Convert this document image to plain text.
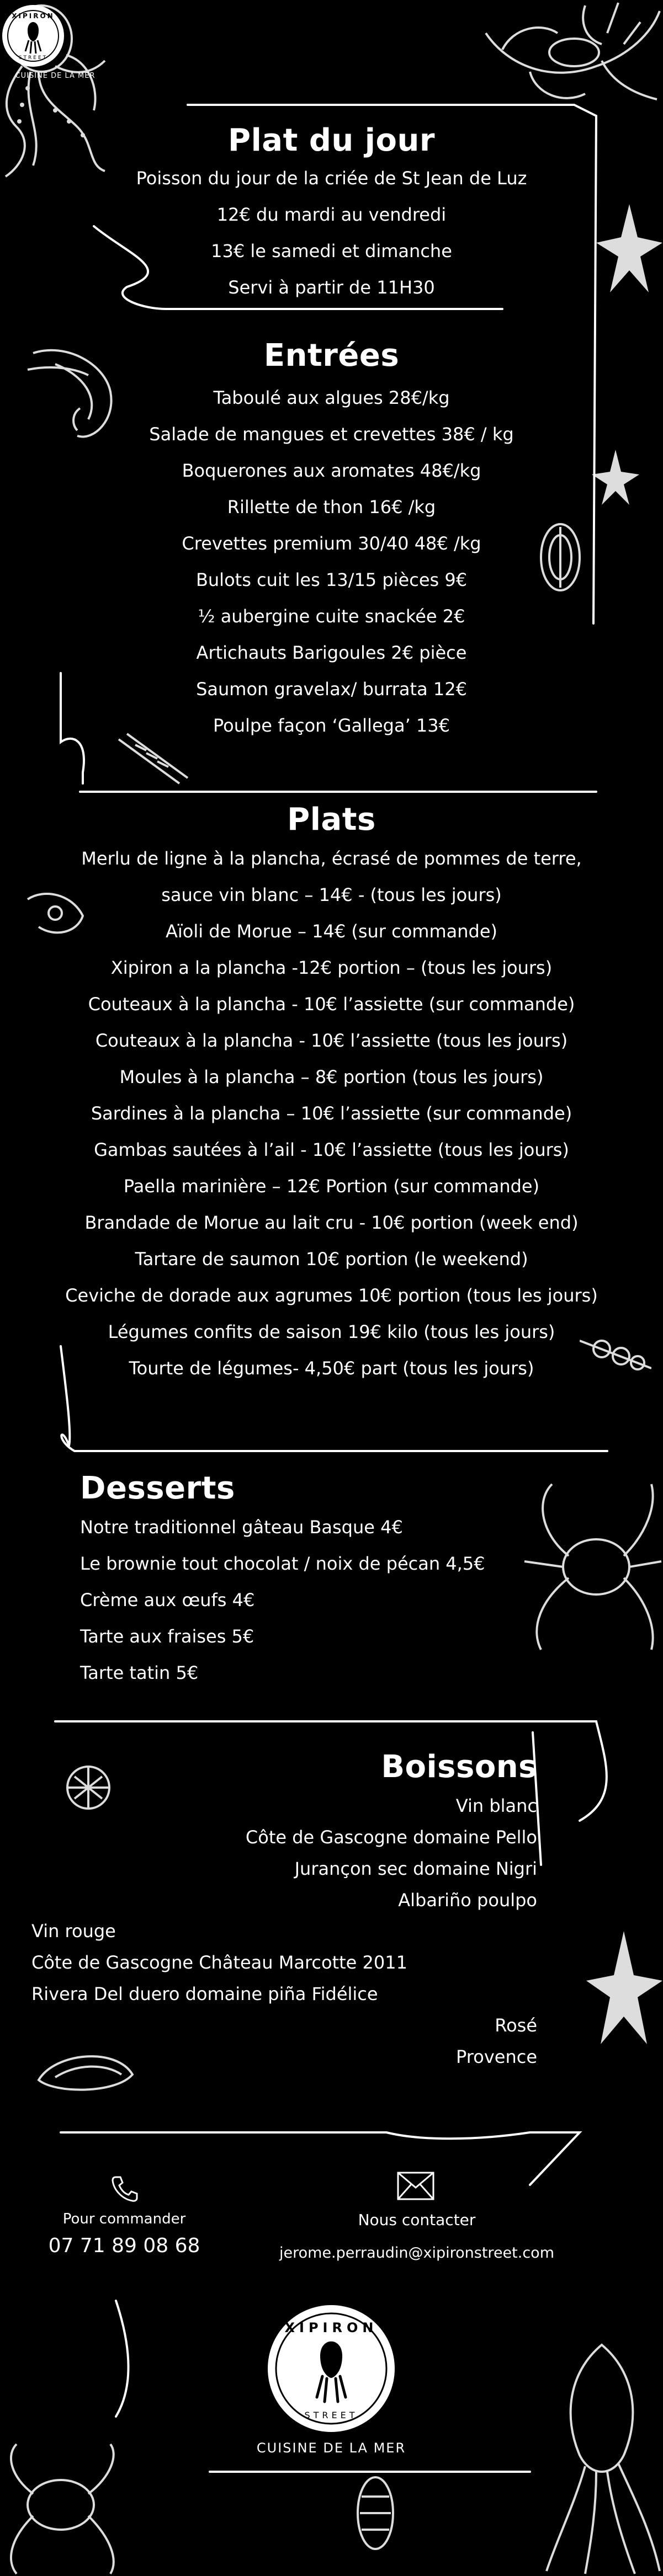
XIPIRON
STREET
CUISINE DE LA MER
Plat du jour
Poisson du jour de la criée de St Jean de Luz
12€ du mardi au vendredi
13€ le samedi et dimanche
Servi à partir de 11H30
Entrées
Taboulé aux algues 28€/kg
Salade de mangues et crevettes 38€ / kg
Boquerones aux aromates 48€/kg
Rillette de thon 16€ /kg
Crevettes premium 30/40 48€ /kg
Bulots cuit les 13/15 pièces 9€
½ aubergine cuite snackée 2€
Artichauts Barigoules 2€ pièce
Saumon gravelax/ burrata 12€
Poulpe façon ‘Gallega’ 13€
Plats
Merlu de ligne à la plancha, écrasé de pommes de terre,
sauce vin blanc – 14€ - (tous les jours)
Aïoli de Morue – 14€ (sur commande)
Xipiron a la plancha -12€ portion – (tous les jours)
Couteaux à la plancha - 10€ l’assiette (sur commande)
Couteaux à la plancha - 10€ l’assiette (tous les jours)
Moules à la plancha – 8€ portion (tous les jours)
Sardines à la plancha – 10€ l’assiette (sur commande)
Gambas sautées à l’ail - 10€ l’assiette (tous les jours)
Paella marinière – 12€ Portion (sur commande)
Brandade de Morue au lait cru - 10€ portion (week end)
Tartare de saumon 10€ portion (le weekend)
Ceviche de dorade aux agrumes 10€ portion (tous les jours)
Légumes confits de saison 19€ kilo (tous les jours)
Tourte de légumes- 4,50€ part (tous les jours)
Desserts
Notre traditionnel gâteau Basque 4€
Le brownie tout chocolat / noix de pécan 4,5€
Crème aux œufs 4€
Tarte aux fraises 5€
Tarte tatin 5€
Boissons
Vin blanc
Côte de Gascogne domaine Pello
Jurançon sec domaine Nigri
Albariño poulpo
Vin rouge
Côte de Gascogne Château Marcotte 2011
Rivera Del duero domaine piña Fidélice
Rosé
Provence
Pour commander
07 71 89 08 68
Nous contacter
jerome.perraudin@xipironstreet.com
XIPIRON
STREET
CUISINE DE LA MER
